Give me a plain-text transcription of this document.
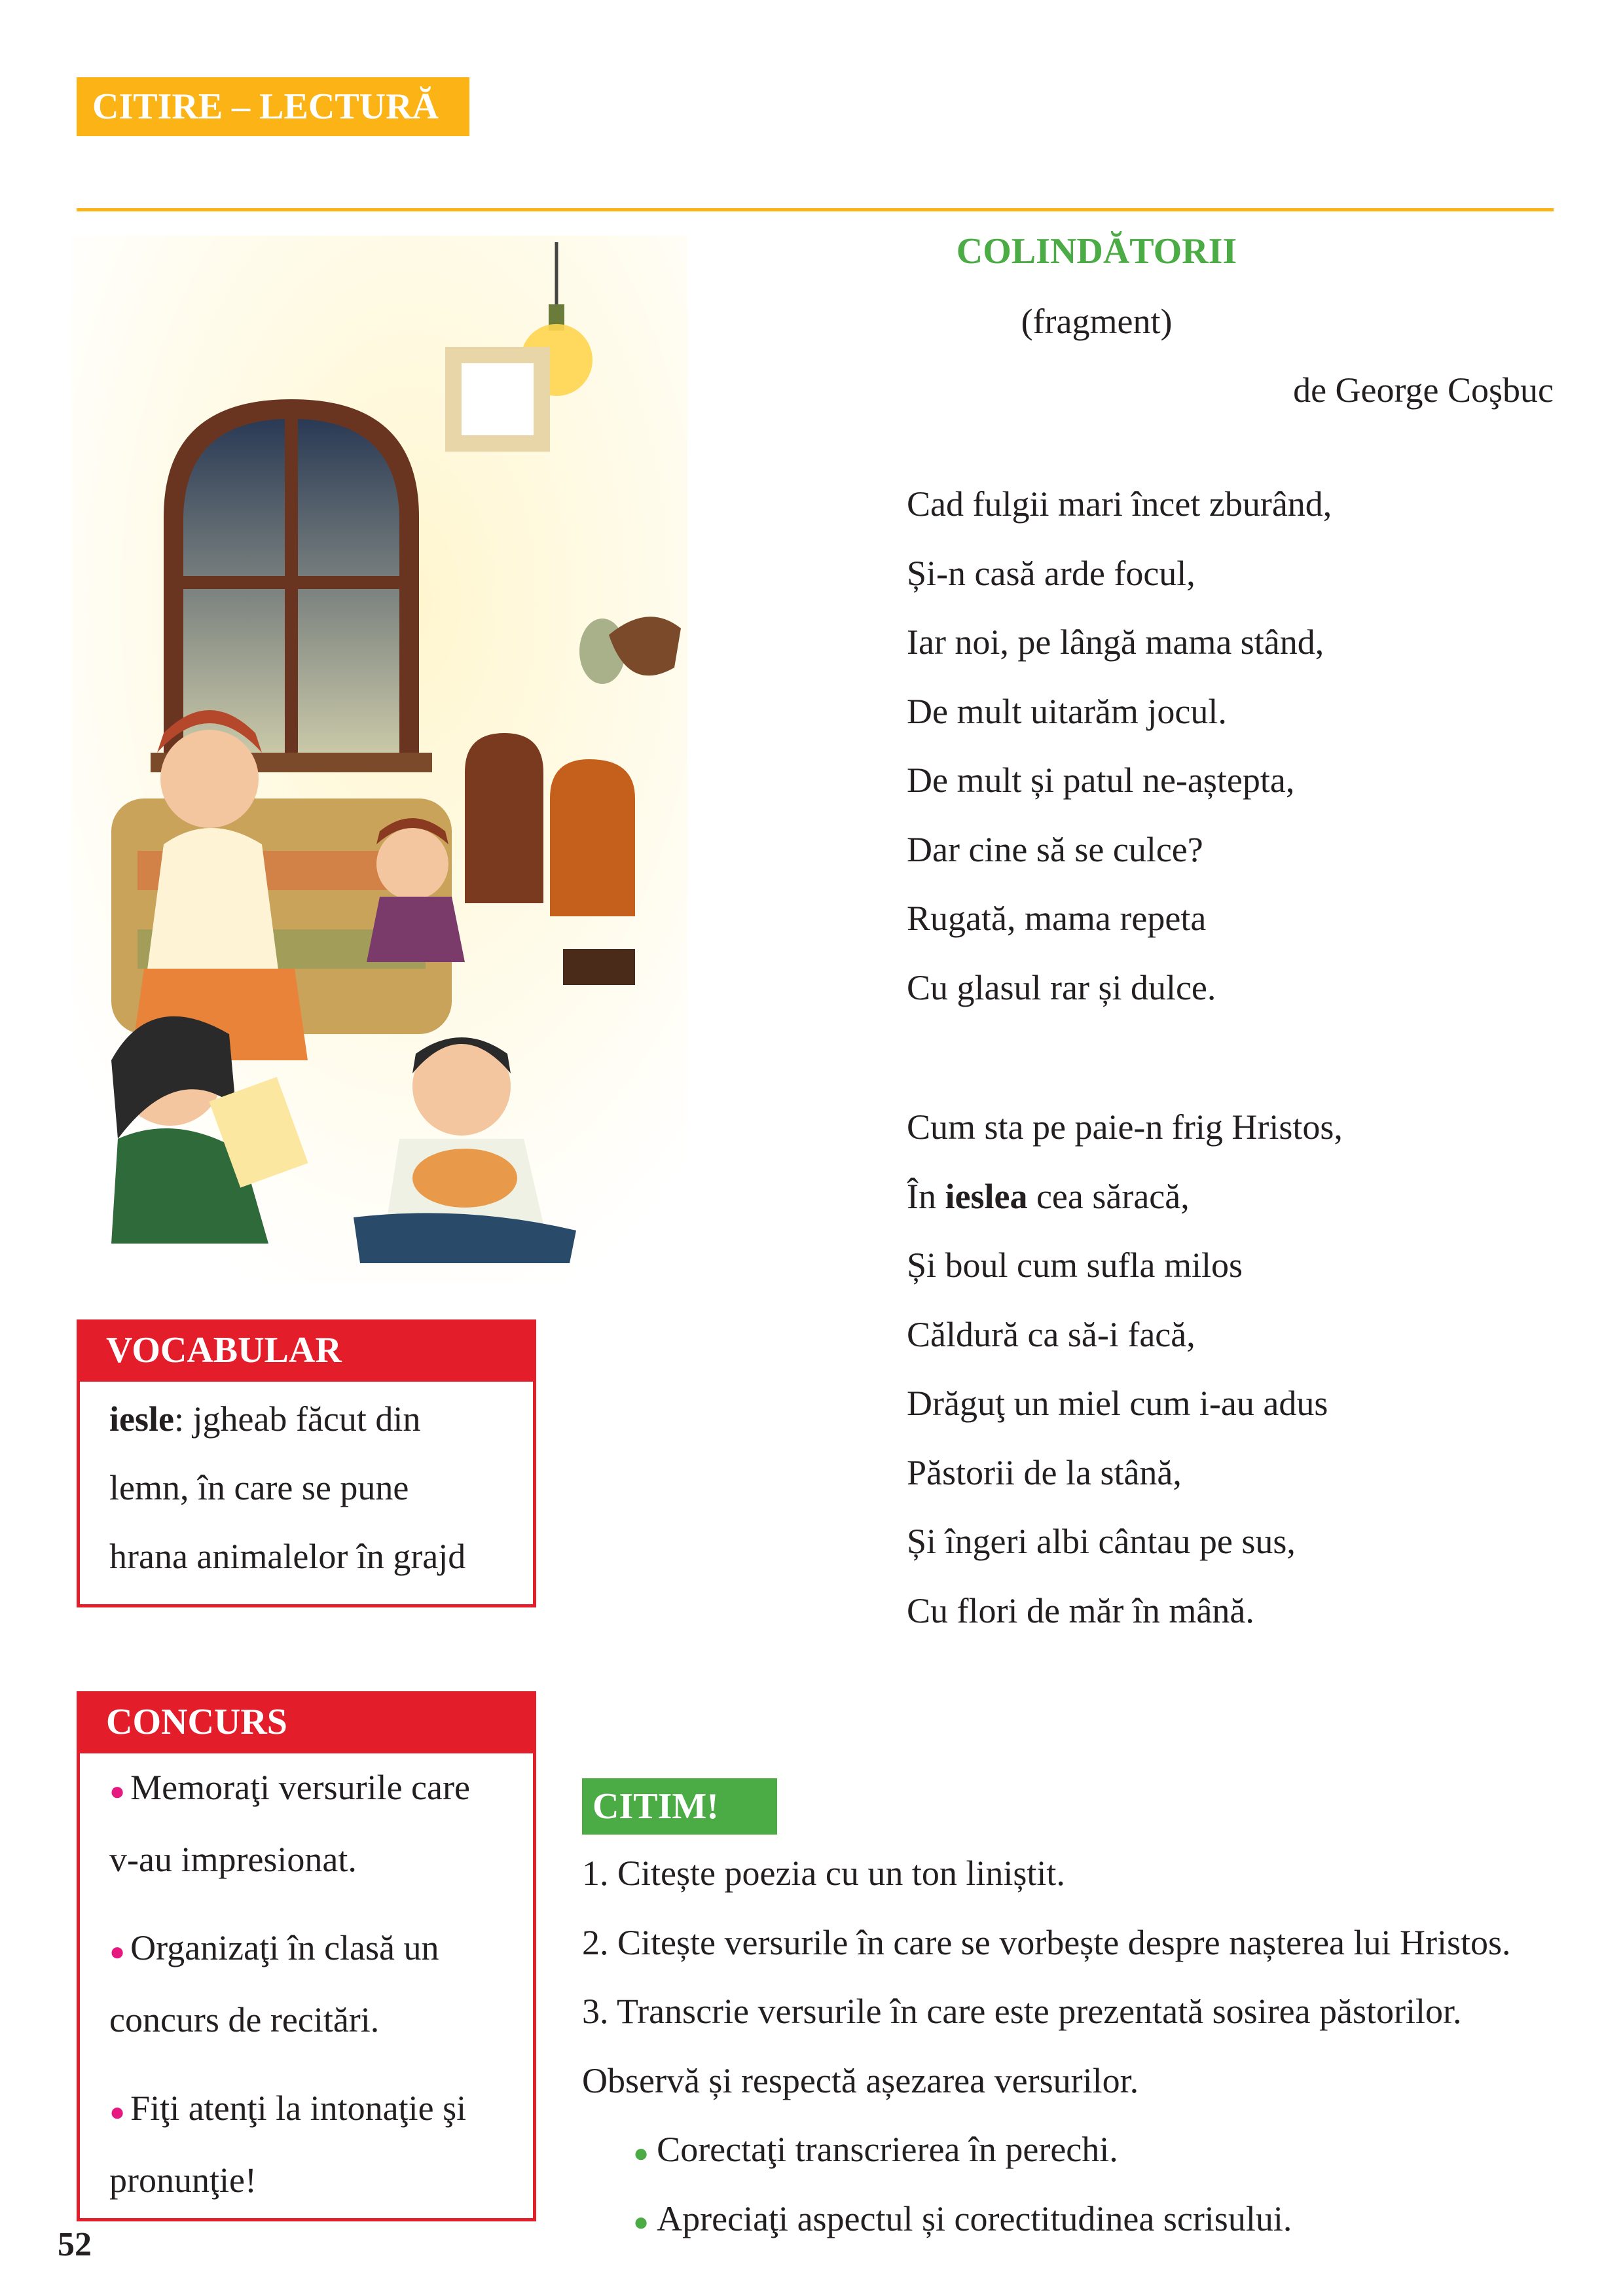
CITIRE – LECTURĂ
COLINDĂTORII
(fragment)
de George Coşbuc
Cad fulgii mari încet zburând,
Și-n casă arde focul,
Iar noi, pe lângă mama stând,
De mult uitarăm jocul.
De mult și patul ne-aștepta,
Dar cine să se culce?
Rugată, mama repeta
Cu glasul rar și dulce.
Cum sta pe paie-n frig Hristos,
În ieslea cea săracă,
Și boul cum sufla milos
Căldură ca să-i facă,
Drăguţ un miel cum i-au adus
Păstorii de la stână,
Și îngeri albi cântau pe sus,
Cu flori de măr în mână.
VOCABULAR
iesle: jgheab făcut din
lemn, în care se pune
hrana animalelor în grajd
CONCURS
● Memoraţi versurile care
v-au impresionat.
● Organizaţi în clasă un
concurs de recitări.
● Fiţi atenţi la intonaţie şi
pronunţie!
CITIM!
1. Citește poezia cu un ton liniștit.
2. Citește versurile în care se vorbește despre nașterea lui Hristos.
3. Transcrie versurile în care este prezentată sosirea păstorilor.
Observă și respectă așezarea versurilor.
● Corectaţi transcrierea în perechi.
● Apreciaţi aspectul și corectitudinea scrisului.
52
